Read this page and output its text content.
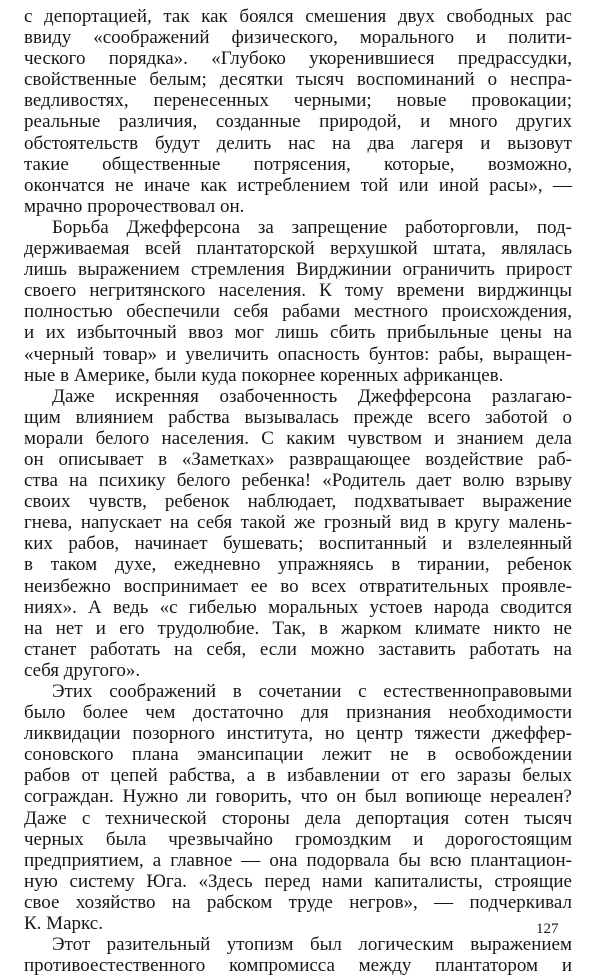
с депортацией, так как боялся смешения двух свободных рас
ввиду «соображений физического, морального и полити-
ческого порядка». «Глубоко укоренившиеся предрассудки,
свойственные белым; десятки тысяч воспоминаний о неспра-
ведливостях, перенесенных черными; новые провокации;
реальные различия, созданные природой, и много других
обстоятельств будут делить нас на два лагеря и вызовут
такие общественные потрясения, которые, возможно,
окончатся не иначе как истреблением той или иной расы», —
мрачно пророчествовал он.
Борьба Джефферсона за запрещение работорговли, под-
держиваемая всей плантаторской верхушкой штата, являлась
лишь выражением стремления Вирджинии ограничить прирост
своего негритянского населения. К тому времени вирджинцы
полностью обеспечили себя рабами местного происхождения,
и их избыточный ввоз мог лишь сбить прибыльные цены на
«черный товар» и увеличить опасность бунтов: рабы, выращен-
ные в Америке, были куда покорнее коренных африканцев.
Даже искренняя озабоченность Джефферсона разлагаю-
щим влиянием рабства вызывалась прежде всего заботой о
морали белого населения. С каким чувством и знанием дела
он описывает в «Заметках» развращающее воздействие раб-
ства на психику белого ребенка! «Родитель дает волю взрыву
своих чувств, ребенок наблюдает, подхватывает выражение
гнева, напускает на себя такой же грозный вид в кругу малень-
ких рабов, начинает бушевать; воспитанный и взлелеянный
в таком духе, ежедневно упражняясь в тирании, ребенок
неизбежно воспринимает ее во всех отвратительных проявле-
ниях». А ведь «с гибелью моральных устоев народа сводится
на нет и его трудолюбие. Так, в жарком климате никто не
станет работать на себя, если можно заставить работать на
себя другого».
Этих соображений в сочетании с естественноправовыми
было более чем достаточно для признания необходимости
ликвидации позорного института, но центр тяжести джеффер-
соновского плана эмансипации лежит не в освобождении
рабов от цепей рабства, а в избавлении от его заразы белых
сограждан. Нужно ли говорить, что он был вопиюще нереален?
Даже с технической стороны дела депортация сотен тысяч
черных была чрезвычайно громоздким и дорогостоящим
предприятием, а главное — она подорвала бы всю плантацион-
ную систему Юга. «Здесь перед нами капиталисты, строящие
свое хозяйство на рабском труде негров», — подчеркивал
К. Маркс.
Этот разительный утопизм был логическим выражением
противоестественного компромисса между плантатором и
127
